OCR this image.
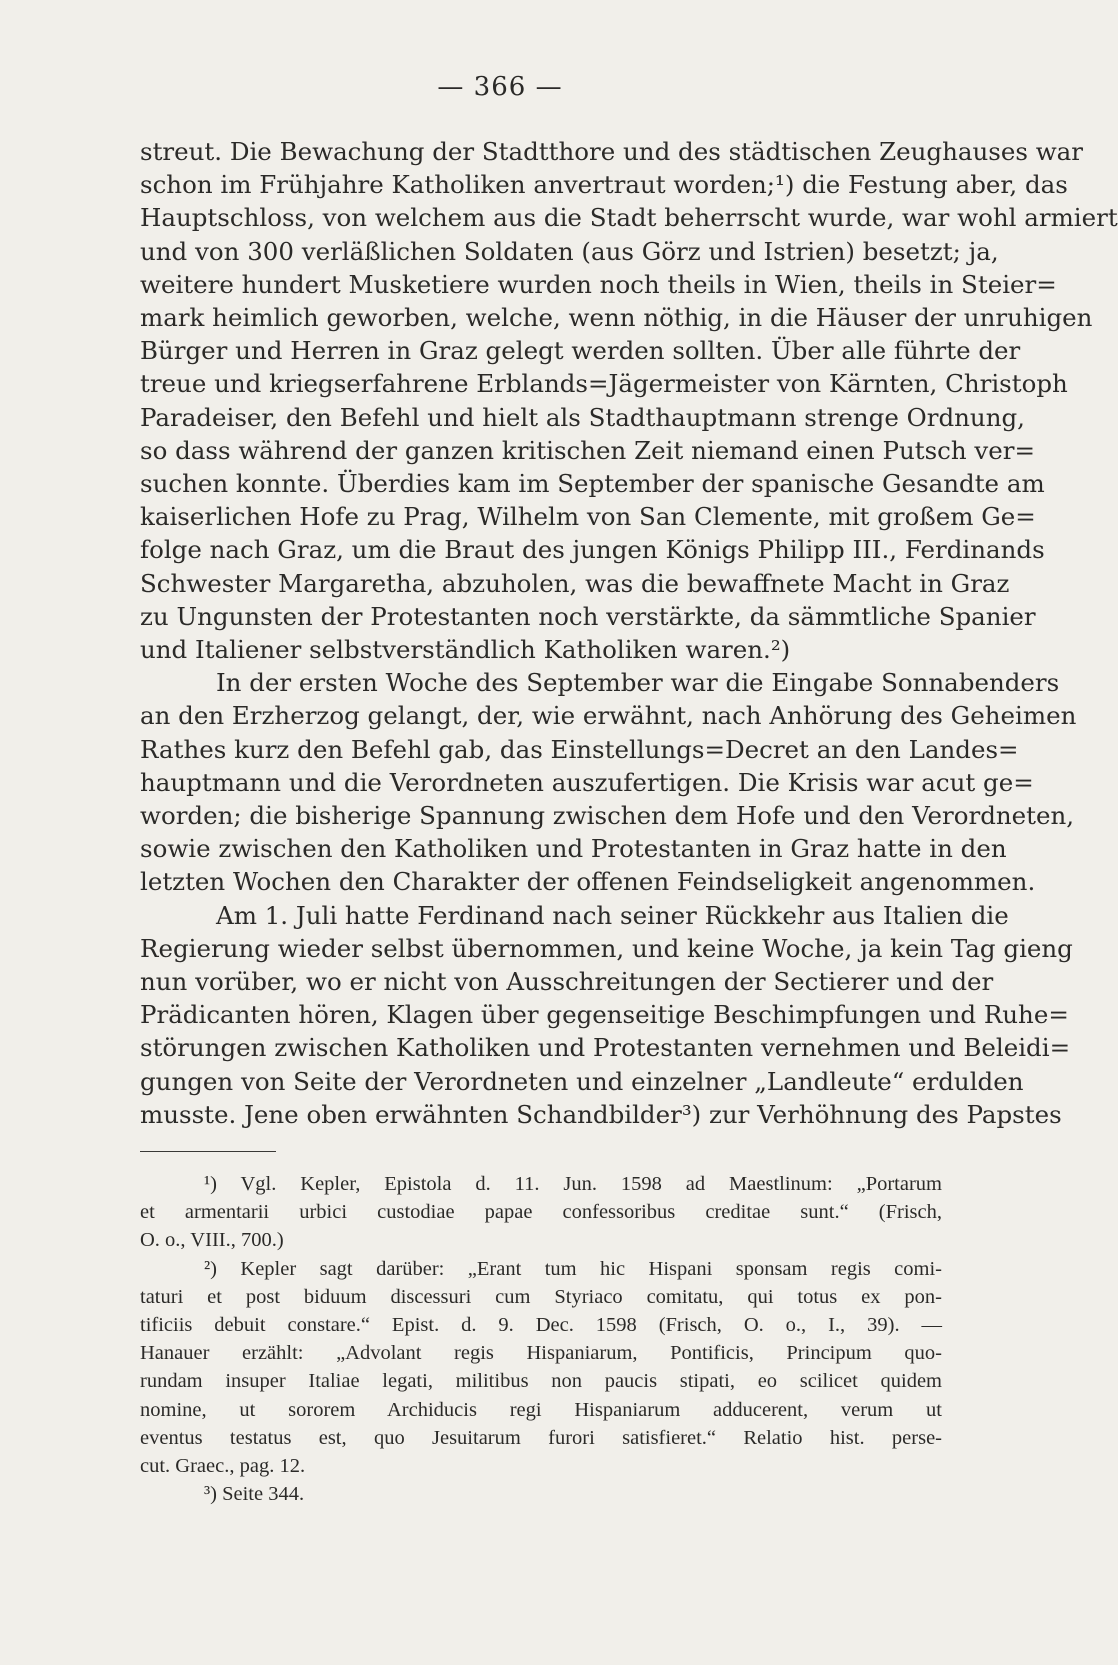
— 366 —
streut. Die Bewachung der Stadtthore und des städtischen Zeughauses war
schon im Frühjahre Katholiken anvertraut worden;¹) die Festung aber, das
Hauptschloss, von welchem aus die Stadt beherrscht wurde, war wohl armiert
und von 300 verläßlichen Soldaten (aus Görz und Istrien) besetzt; ja,
weitere hundert Musketiere wurden noch theils in Wien, theils in Steier=
mark heimlich geworben, welche, wenn nöthig, in die Häuser der unruhigen
Bürger und Herren in Graz gelegt werden sollten. Über alle führte der
treue und kriegserfahrene Erblands=Jägermeister von Kärnten, Christoph
Paradeiser, den Befehl und hielt als Stadthauptmann strenge Ordnung,
so dass während der ganzen kritischen Zeit niemand einen Putsch ver=
suchen konnte. Überdies kam im September der spanische Gesandte am
kaiserlichen Hofe zu Prag, Wilhelm von San Clemente, mit großem Ge=
folge nach Graz, um die Braut des jungen Königs Philipp III., Ferdinands
Schwester Margaretha, abzuholen, was die bewaffnete Macht in Graz
zu Ungunsten der Protestanten noch verstärkte, da sämmtliche Spanier
und Italiener selbstverständlich Katholiken waren.²)
In der ersten Woche des September war die Eingabe Sonnabenders
an den Erzherzog gelangt, der, wie erwähnt, nach Anhörung des Geheimen
Rathes kurz den Befehl gab, das Einstellungs=Decret an den Landes=
hauptmann und die Verordneten auszufertigen. Die Krisis war acut ge=
worden; die bisherige Spannung zwischen dem Hofe und den Verordneten,
sowie zwischen den Katholiken und Protestanten in Graz hatte in den
letzten Wochen den Charakter der offenen Feindseligkeit angenommen.
Am 1. Juli hatte Ferdinand nach seiner Rückkehr aus Italien die
Regierung wieder selbst übernommen, und keine Woche, ja kein Tag gieng
nun vorüber, wo er nicht von Ausschreitungen der Sectierer und der
Prädicanten hören, Klagen über gegenseitige Beschimpfungen und Ruhe=
störungen zwischen Katholiken und Protestanten vernehmen und Beleidi=
gungen von Seite der Verordneten und einzelner „Landleute“ erdulden
musste. Jene oben erwähnten Schandbilder³) zur Verhöhnung des Papstes
¹) Vgl. Kepler, Epistola d. 11. Jun. 1598 ad Maestlinum: „Portarum
et armentarii urbici custodiae papae confessoribus creditae sunt.“ (Frisch,
O. o., VIII., 700.)
²) Kepler sagt darüber: „Erant tum hic Hispani sponsam regis comi-
taturi et post biduum discessuri cum Styriaco comitatu, qui totus ex pon-
tificiis debuit constare.“ Epist. d. 9. Dec. 1598 (Frisch, O. o., I., 39). —
Hanauer erzählt: „Advolant regis Hispaniarum, Pontificis, Principum quo-
rundam insuper Italiae legati, militibus non paucis stipati, eo scilicet quidem
nomine, ut sororem Archiducis regi Hispaniarum adducerent, verum ut
eventus testatus est, quo Jesuitarum furori satisfieret.“ Relatio hist. perse-
cut. Graec., pag. 12.
³) Seite 344.
